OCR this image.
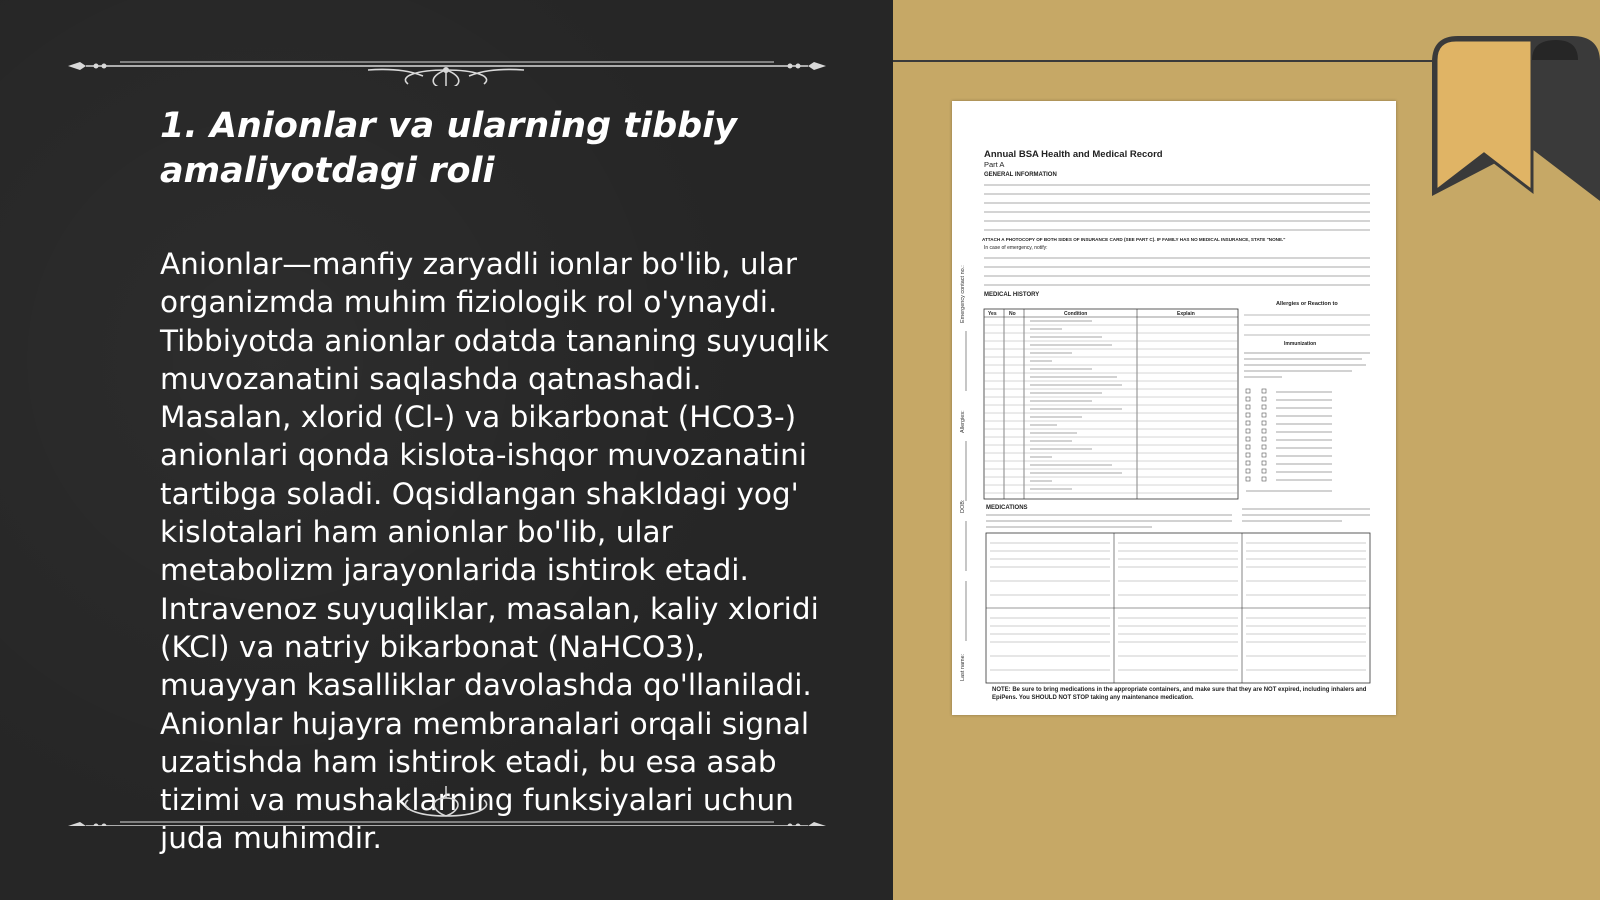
1. Anionlar va ularning tibbiy amaliyotdagi roli

Anionlar—manfiy zaryadli ionlar bo'lib, ular organizmda muhim fiziologik rol o'ynaydi. Tibbiyotda anionlar odatda tananing suyuqlik muvozanatini saqlashda qatnashadi. Masalan, xlorid (Cl-) va bikarbonat (HCO3-) anionlari qonda kislota-ishqor muvozanatini tartibga soladi. Oqsidlangan shakldagi yog' kislotalari ham anionlar bo'lib, ular metabolizm jarayonlarida ishtirok etadi. Intravenoz suyuqliklar, masalan, kaliy xloridi (KCl) va natriy bikarbonat (NaHCO3), muayyan kasalliklar davolashda qo'llaniladi. Anionlar hujayra membranalari orqali signal uzatishda ham ishtirok etadi, bu esa asab tizimi va mushaklarning funksiyalari uchun juda muhimdir.

Annual BSA Health and Medical Record
Part A
GENERAL INFORMATION
ATTACH A PHOTOCOPY OF BOTH SIDES OF INSURANCE CARD (SEE PART C). IF FAMILY HAS NO MEDICAL INSURANCE, STATE "NONE."
In case of emergency, notify:
MEDICAL HISTORY
Yes No	Condition	Explain
Allergies or Reaction to
Immunization
MEDICATIONS
NOTE: Be sure to bring medications in the appropriate containers, and make sure that they are NOT expired, including inhalers and EpiPens. You SHOULD NOT STOP taking any maintenance medication.
Last name:
DOB:
Allergies:
Emergency contact no.:
